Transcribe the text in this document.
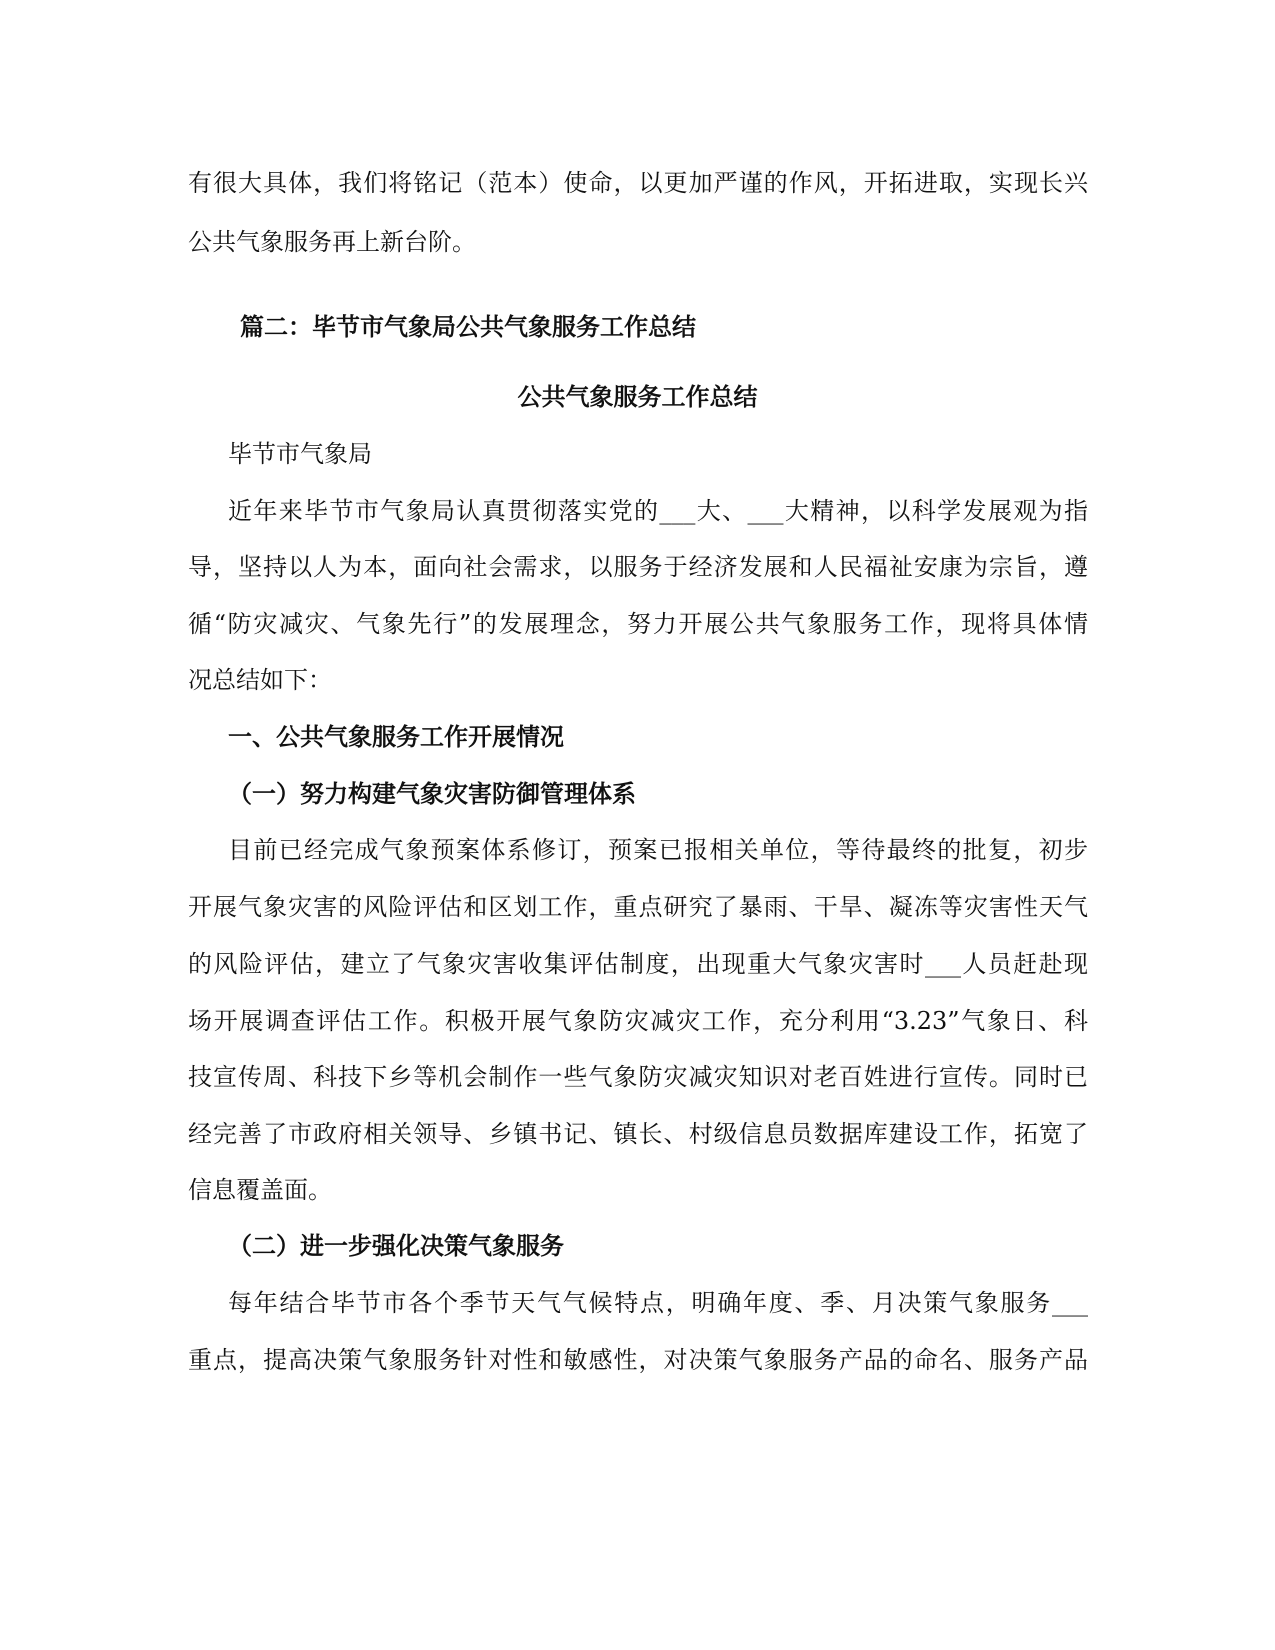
有很大具体，我们将铭记（范本）使命，以更加严谨的作风，开拓进取，实现长兴
公共气象服务再上新台阶。
篇二：毕节市气象局公共气象服务工作总结
公共气象服务工作总结
毕节市气象局
近年来毕节市气象局认真贯彻落实党的___大、___大精神，以科学发展观为指
导，坚持以人为本，面向社会需求，以服务于经济发展和人民福祉安康为宗旨，遵
循“防灾减灾、气象先行”的发展理念，努力开展公共气象服务工作，现将具体情
况总结如下：
一、公共气象服务工作开展情况
（一）努力构建气象灾害防御管理体系
目前已经完成气象预案体系修订，预案已报相关单位，等待最终的批复，初步
开展气象灾害的风险评估和区划工作，重点研究了暴雨、干旱、凝冻等灾害性天气
的风险评估，建立了气象灾害收集评估制度，出现重大气象灾害时___人员赶赴现
场开展调查评估工作。积极开展气象防灾减灾工作，充分利用“3.23”气象日、科
技宣传周、科技下乡等机会制作一些气象防灾减灾知识对老百姓进行宣传。同时已
经完善了市政府相关领导、乡镇书记、镇长、村级信息员数据库建设工作，拓宽了
信息覆盖面。
（二）进一步强化决策气象服务
每年结合毕节市各个季节天气气候特点，明确年度、季、月决策气象服务___
重点，提高决策气象服务针对性和敏感性，对决策气象服务产品的命名、服务产品
